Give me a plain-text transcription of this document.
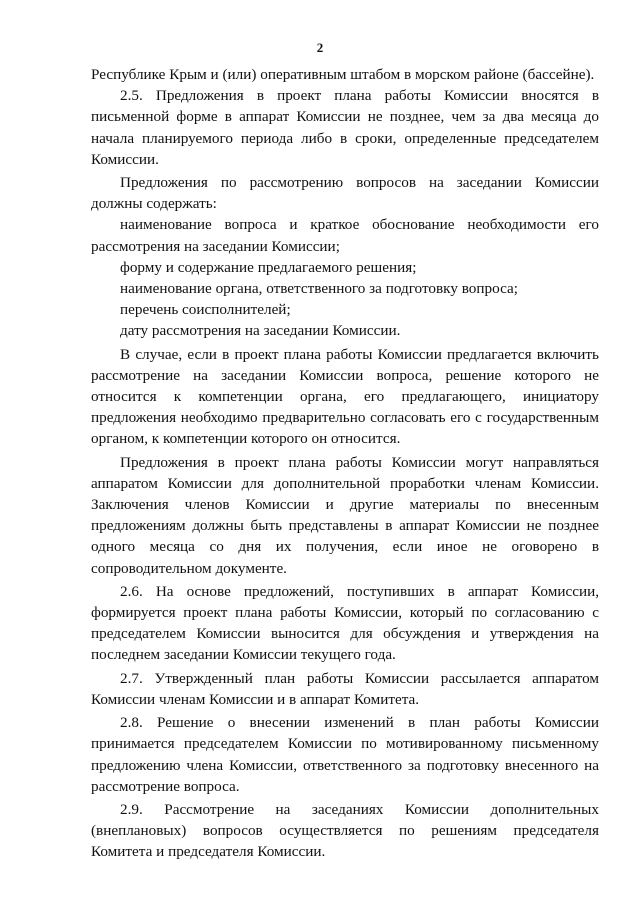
2

Республике Крым и (или) оперативным штабом в морском районе (бассейне).

2.5. Предложения в проект плана работы Комиссии вносятся в письменной форме в аппарат Комиссии не позднее, чем за два месяца до начала планируемого периода либо в сроки, определенные председателем Комиссии.

Предложения по рассмотрению вопросов на заседании Комиссии должны содержать:

наименование вопроса и краткое обоснование необходимости его рассмотрения на заседании Комиссии;

форму и содержание предлагаемого решения;

наименование органа, ответственного за подготовку вопроса;

перечень соисполнителей;

дату рассмотрения на заседании Комиссии.

В случае, если в проект плана работы Комиссии предлагается включить рассмотрение на заседании Комиссии вопроса, решение которого не относится к компетенции органа, его предлагающего, инициатору предложения необходимо предварительно согласовать его с государственным органом, к компетенции которого он относится.

Предложения в проект плана работы Комиссии могут направляться аппаратом Комиссии для дополнительной проработки членам Комиссии. Заключения членов Комиссии и другие материалы по внесенным предложениям должны быть представлены в аппарат Комиссии не позднее одного месяца со дня их получения, если иное не оговорено в сопроводительном документе.

2.6. На основе предложений, поступивших в аппарат Комиссии, формируется проект плана работы Комиссии, который по согласованию с председателем Комиссии выносится для обсуждения и утверждения на последнем заседании Комиссии текущего года.

2.7. Утвержденный план работы Комиссии рассылается аппаратом Комиссии членам Комиссии и в аппарат Комитета.

2.8. Решение о внесении изменений в план работы Комиссии принимается председателем Комиссии по мотивированному письменному предложению члена Комиссии, ответственного за подготовку внесенного на рассмотрение вопроса.

2.9. Рассмотрение на заседаниях Комиссии дополнительных (внеплановых) вопросов осуществляется по решениям председателя Комитета и председателя Комиссии.
